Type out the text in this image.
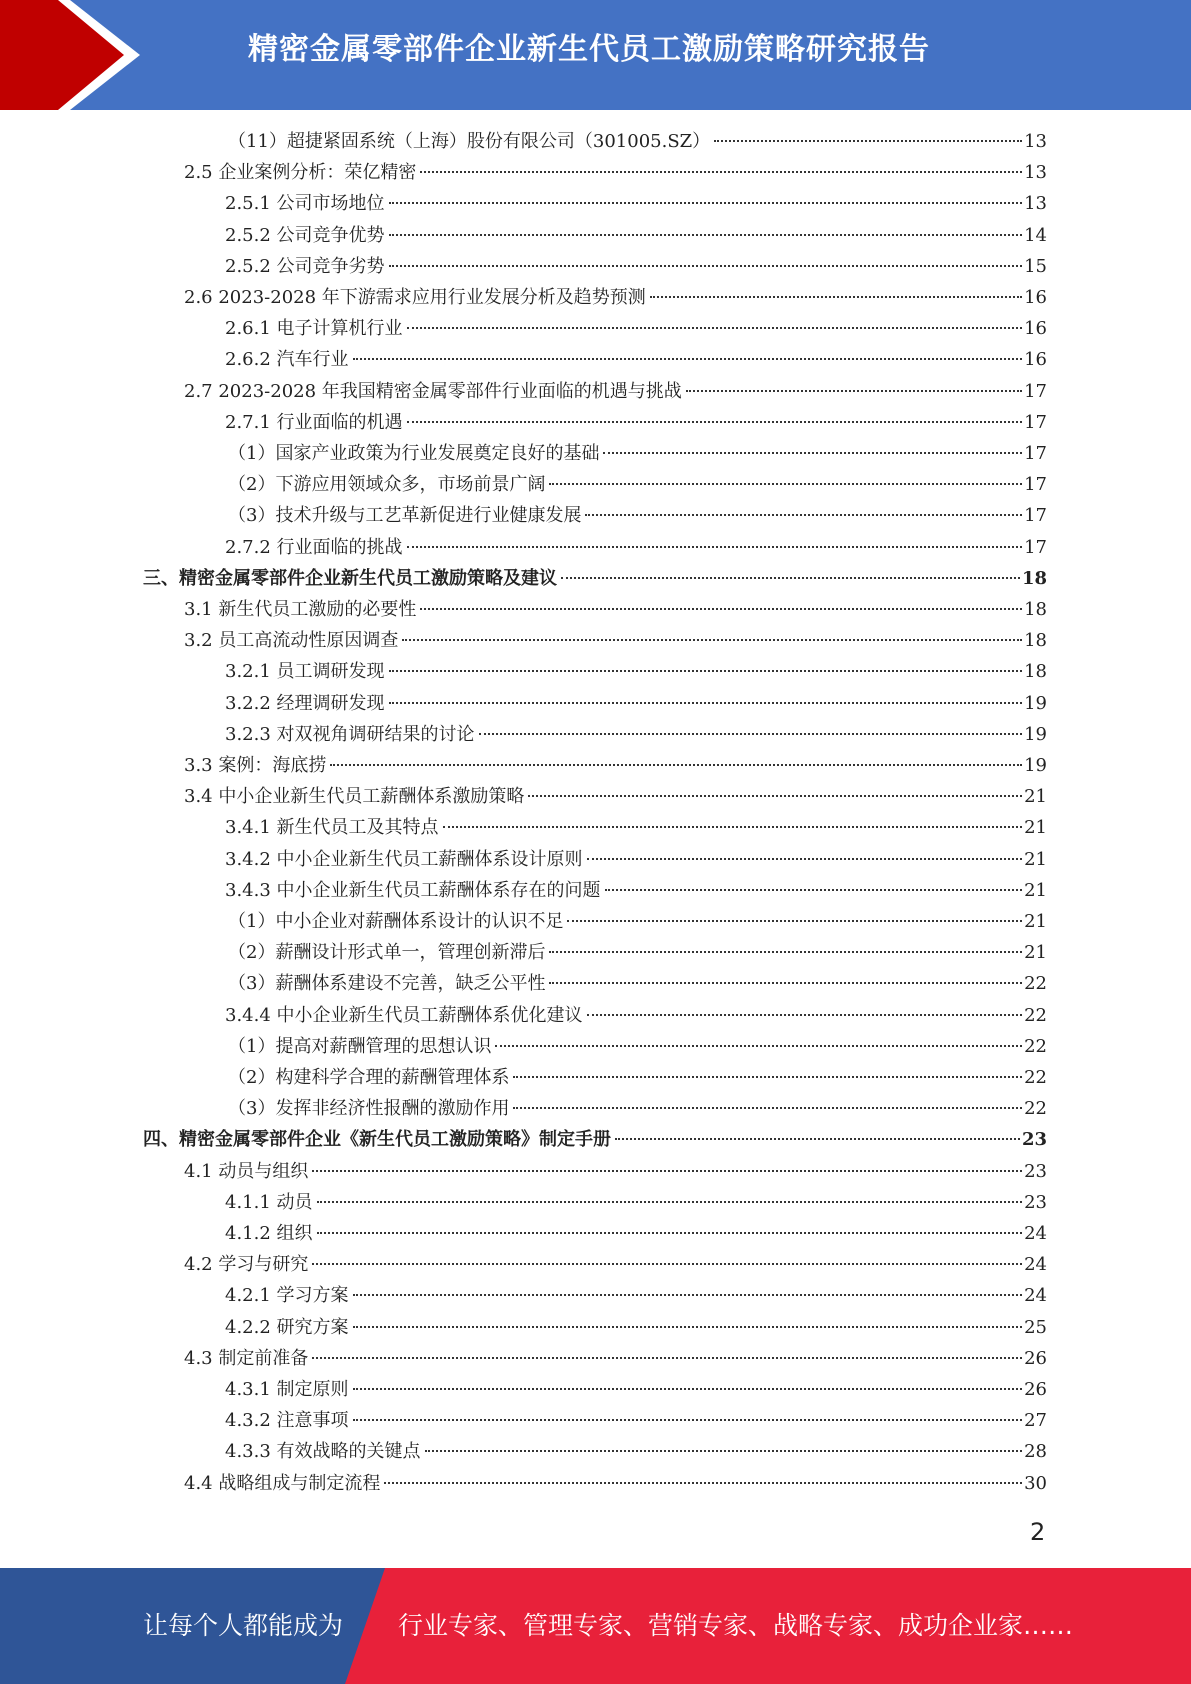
精密金属零部件企业新生代员工激励策略研究报告
（11）超捷紧固系统（上海）股份有限公司（301005.SZ）	13
2.5 企业案例分析：荣亿精密	13
2.5.1 公司市场地位	13
2.5.2 公司竞争优势	14
2.5.2 公司竞争劣势	15
2.6 2023-2028 年下游需求应用行业发展分析及趋势预测	16
2.6.1 电子计算机行业	16
2.6.2 汽车行业	16
2.7 2023-2028 年我国精密金属零部件行业面临的机遇与挑战	17
2.7.1 行业面临的机遇	17
（1）国家产业政策为行业发展奠定良好的基础	17
（2）下游应用领域众多，市场前景广阔	17
（3）技术升级与工艺革新促进行业健康发展	17
2.7.2 行业面临的挑战	17
三、精密金属零部件企业新生代员工激励策略及建议	18
3.1 新生代员工激励的必要性	18
3.2 员工高流动性原因调查	18
3.2.1 员工调研发现	18
3.2.2 经理调研发现	19
3.2.3 对双视角调研结果的讨论	19
3.3 案例：海底捞	19
3.4 中小企业新生代员工薪酬体系激励策略	21
3.4.1 新生代员工及其特点	21
3.4.2 中小企业新生代员工薪酬体系设计原则	21
3.4.3 中小企业新生代员工薪酬体系存在的问题	21
（1）中小企业对薪酬体系设计的认识不足	21
（2）薪酬设计形式单一，管理创新滞后	21
（3）薪酬体系建设不完善，缺乏公平性	22
3.4.4 中小企业新生代员工薪酬体系优化建议	22
（1）提高对薪酬管理的思想认识	22
（2）构建科学合理的薪酬管理体系	22
（3）发挥非经济性报酬的激励作用	22
四、精密金属零部件企业《新生代员工激励策略》制定手册	23
4.1 动员与组织	23
4.1.1 动员	23
4.1.2 组织	24
4.2 学习与研究	24
4.2.1 学习方案	24
4.2.2 研究方案	25
4.3 制定前准备	26
4.3.1 制定原则	26
4.3.2 注意事项	27
4.3.3 有效战略的关键点	28
4.4 战略组成与制定流程	30
2
让每个人都能成为 行业专家、管理专家、营销专家、战略专家、成功企业家……
